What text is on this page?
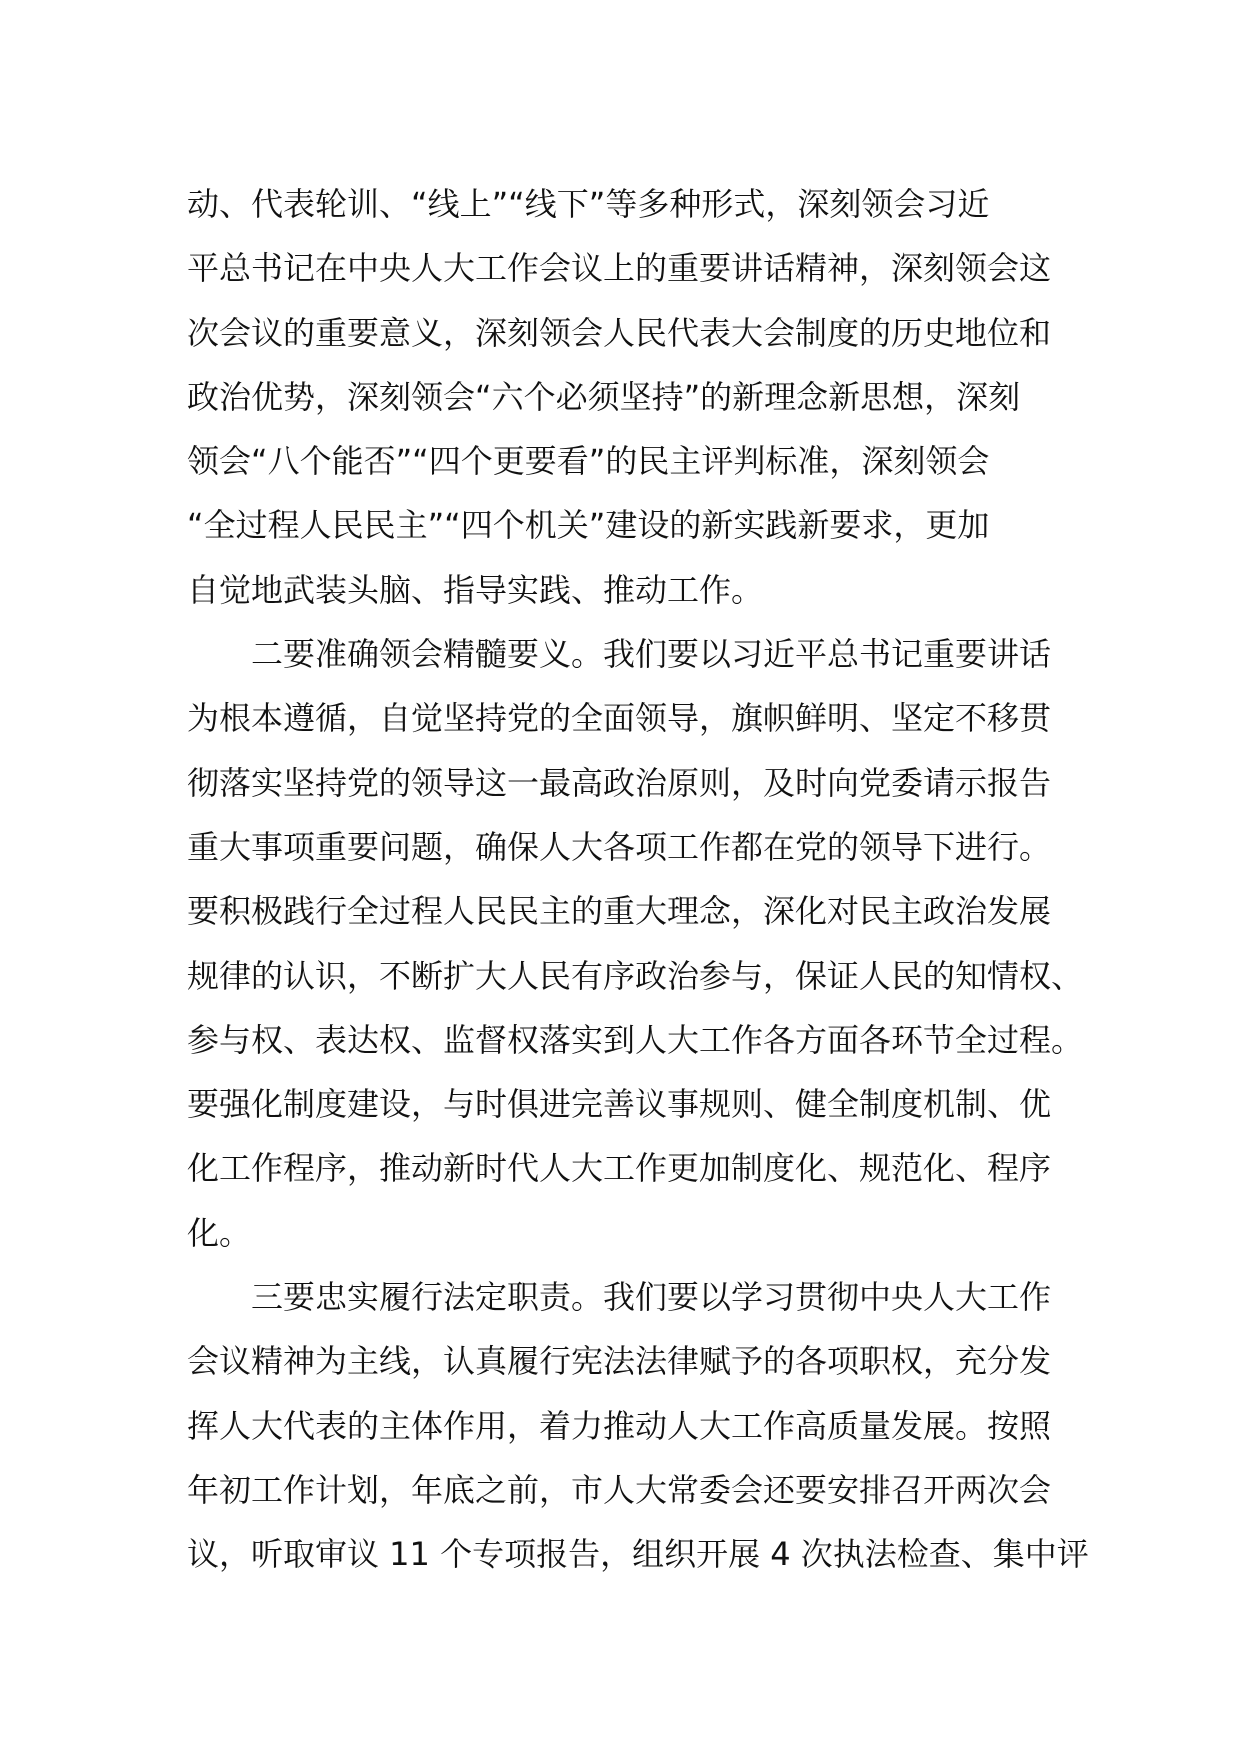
动、代表轮训、“线上”“线下”等多种形式，深刻领会习近
平总书记在中央人大工作会议上的重要讲话精神，深刻领会这
次会议的重要意义，深刻领会人民代表大会制度的历史地位和
政治优势，深刻领会“六个必须坚持”的新理念新思想，深刻
领会“八个能否”“四个更要看”的民主评判标准，深刻领会
“全过程人民民主”“四个机关”建设的新实践新要求，更加
自觉地武装头脑、指导实践、推动工作。
二要准确领会精髓要义。我们要以习近平总书记重要讲话
为根本遵循，自觉坚持党的全面领导，旗帜鲜明、坚定不移贯
彻落实坚持党的领导这一最高政治原则，及时向党委请示报告
重大事项重要问题，确保人大各项工作都在党的领导下进行。
要积极践行全过程人民民主的重大理念，深化对民主政治发展
规律的认识，不断扩大人民有序政治参与，保证人民的知情权、
参与权、表达权、监督权落实到人大工作各方面各环节全过程。
要强化制度建设，与时俱进完善议事规则、健全制度机制、优
化工作程序，推动新时代人大工作更加制度化、规范化、程序
化。
三要忠实履行法定职责。我们要以学习贯彻中央人大工作
会议精神为主线，认真履行宪法法律赋予的各项职权，充分发
挥人大代表的主体作用，着力推动人大工作高质量发展。按照
年初工作计划，年底之前，市人大常委会还要安排召开两次会
议，听取审议 11 个专项报告，组织开展 4 次执法检查、集中评
